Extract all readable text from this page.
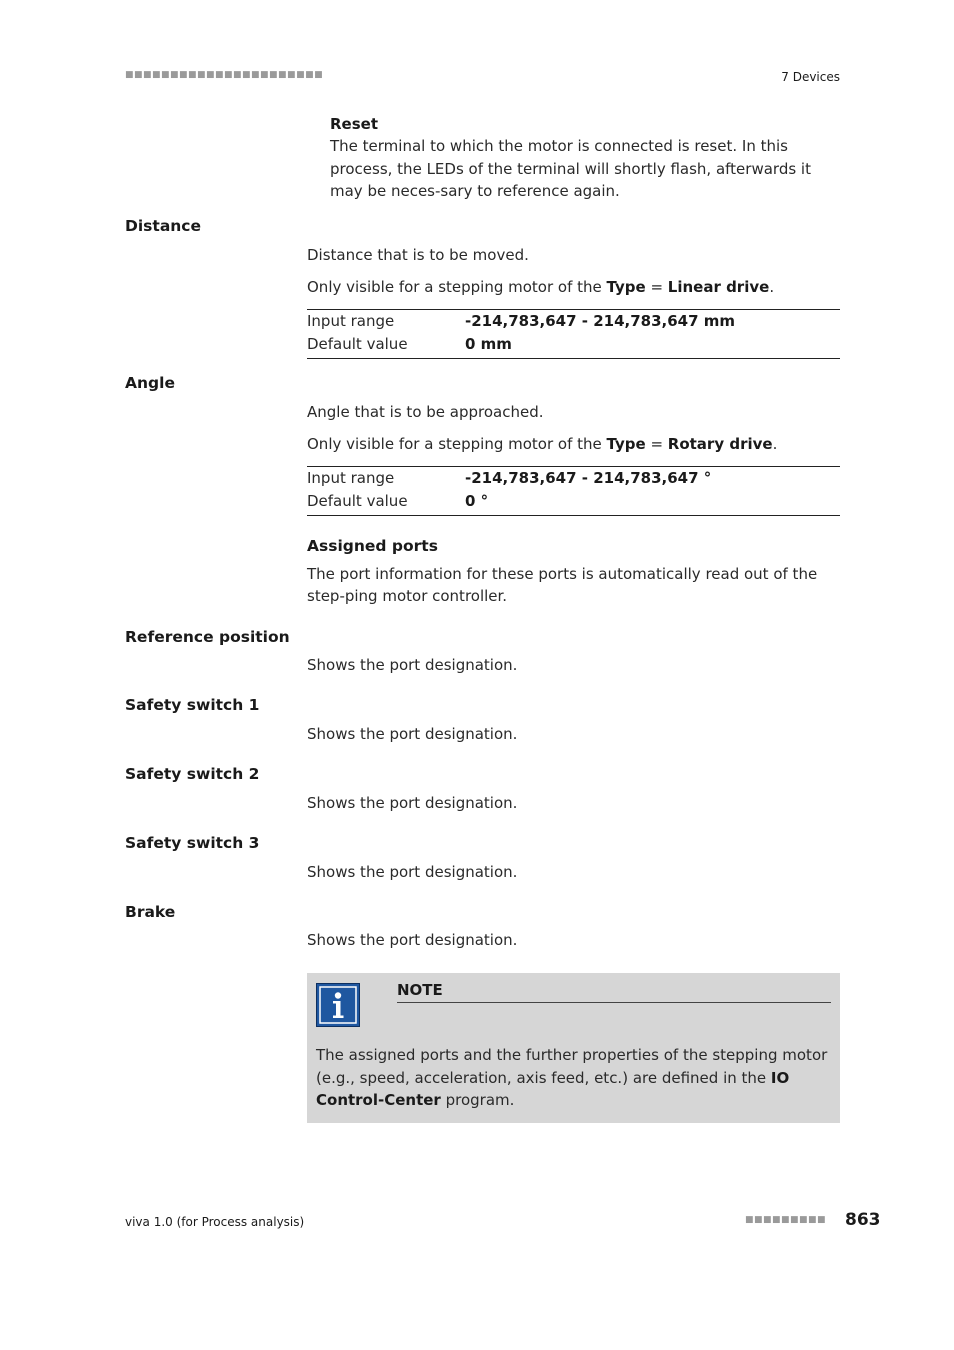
■■■■■■■■■■■■■■■■■■■■■■	7 Devices
Reset
The terminal to which the motor is connected is reset. In this process, the LEDs of the terminal will shortly flash, afterwards it may be neces-sary to reference again.
Distance
Distance that is to be moved.
Only visible for a stepping motor of the Type = Linear drive.
Input range	-214,783,647 - 214,783,647 mm
Default value	0 mm
Angle
Angle that is to be approached.
Only visible for a stepping motor of the Type = Rotary drive.
Input range	-214,783,647 - 214,783,647 °
Default value	0 °
Assigned ports
The port information for these ports is automatically read out of the step-ping motor controller.
Reference position
Shows the port designation.
Safety switch 1
Shows the port designation.
Safety switch 2
Shows the port designation.
Safety switch 3
Shows the port designation.
Brake
Shows the port designation.
NOTE
The assigned ports and the further properties of the stepping motor (e.g., speed, acceleration, axis feed, etc.) are defined in the IO Control-Center program.
viva 1.0 (for Process analysis)	■■■■■■■■■ 863
